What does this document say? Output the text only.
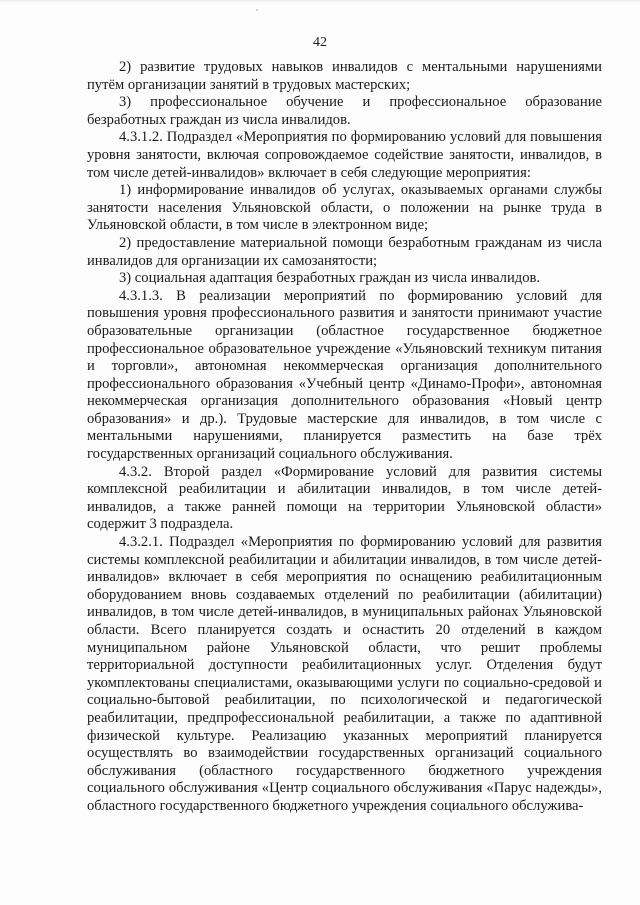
42

2) развитие трудовых навыков инвалидов с ментальными нарушениями путём организации занятий в трудовых мастерских;

3) профессиональное обучение и профессиональное образование безработных граждан из числа инвалидов.

4.3.1.2. Подраздел «Мероприятия по формированию условий для повышения уровня занятости, включая сопровождаемое содействие занятости, инвалидов, в том числе детей-инвалидов» включает в себя следующие мероприятия:

1) информирование инвалидов об услугах, оказываемых органами службы занятости населения Ульяновской области, о положении на рынке труда в Ульяновской области, в том числе в электронном виде;

2) предоставление материальной помощи безработным гражданам из числа инвалидов для организации их самозанятости;

3) социальная адаптация безработных граждан из числа инвалидов.

4.3.1.3. В реализации мероприятий по формированию условий для повышения уровня профессионального развития и занятости принимают участие образовательные организации (областное государственное бюджетное профессиональное образовательное учреждение «Ульяновский техникум питания и торговли», автономная некоммерческая организация дополнительного профессионального образования «Учебный центр «Динамо-Профи», автономная некоммерческая организация дополнительного образования «Новый центр образования» и др.). Трудовые мастерские для инвалидов, в том числе с ментальными нарушениями, планируется разместить на базе трёх государственных организаций социального обслуживания.

4.3.2. Второй раздел «Формирование условий для развития системы комплексной реабилитации и абилитации инвалидов, в том числе детей-инвалидов, а также ранней помощи на территории Ульяновской области» содержит 3 подраздела.

4.3.2.1. Подраздел «Мероприятия по формированию условий для развития системы комплексной реабилитации и абилитации инвалидов, в том числе детей-инвалидов» включает в себя мероприятия по оснащению реабилитационным оборудованием вновь создаваемых отделений по реабилитации (абилитации) инвалидов, в том числе детей-инвалидов, в муниципальных районах Ульяновской области. Всего планируется создать и оснастить 20 отделений в каждом муниципальном районе Ульяновской области, что решит проблемы территориальной доступности реабилитационных услуг. Отделения будут укомплектованы специалистами, оказывающими услуги по социально-средовой и социально-бытовой реабилитации, по психологической и педагогической реабилитации, предпрофессиональной реабилитации, а также по адаптивной физической культуре. Реализацию указанных мероприятий планируется осуществлять во взаимодействии государственных организаций социального обслуживания (областного государственного бюджетного учреждения социального обслуживания «Центр социального обслуживания «Парус надежды», областного государственного бюджетного учреждения социального обслужива-
